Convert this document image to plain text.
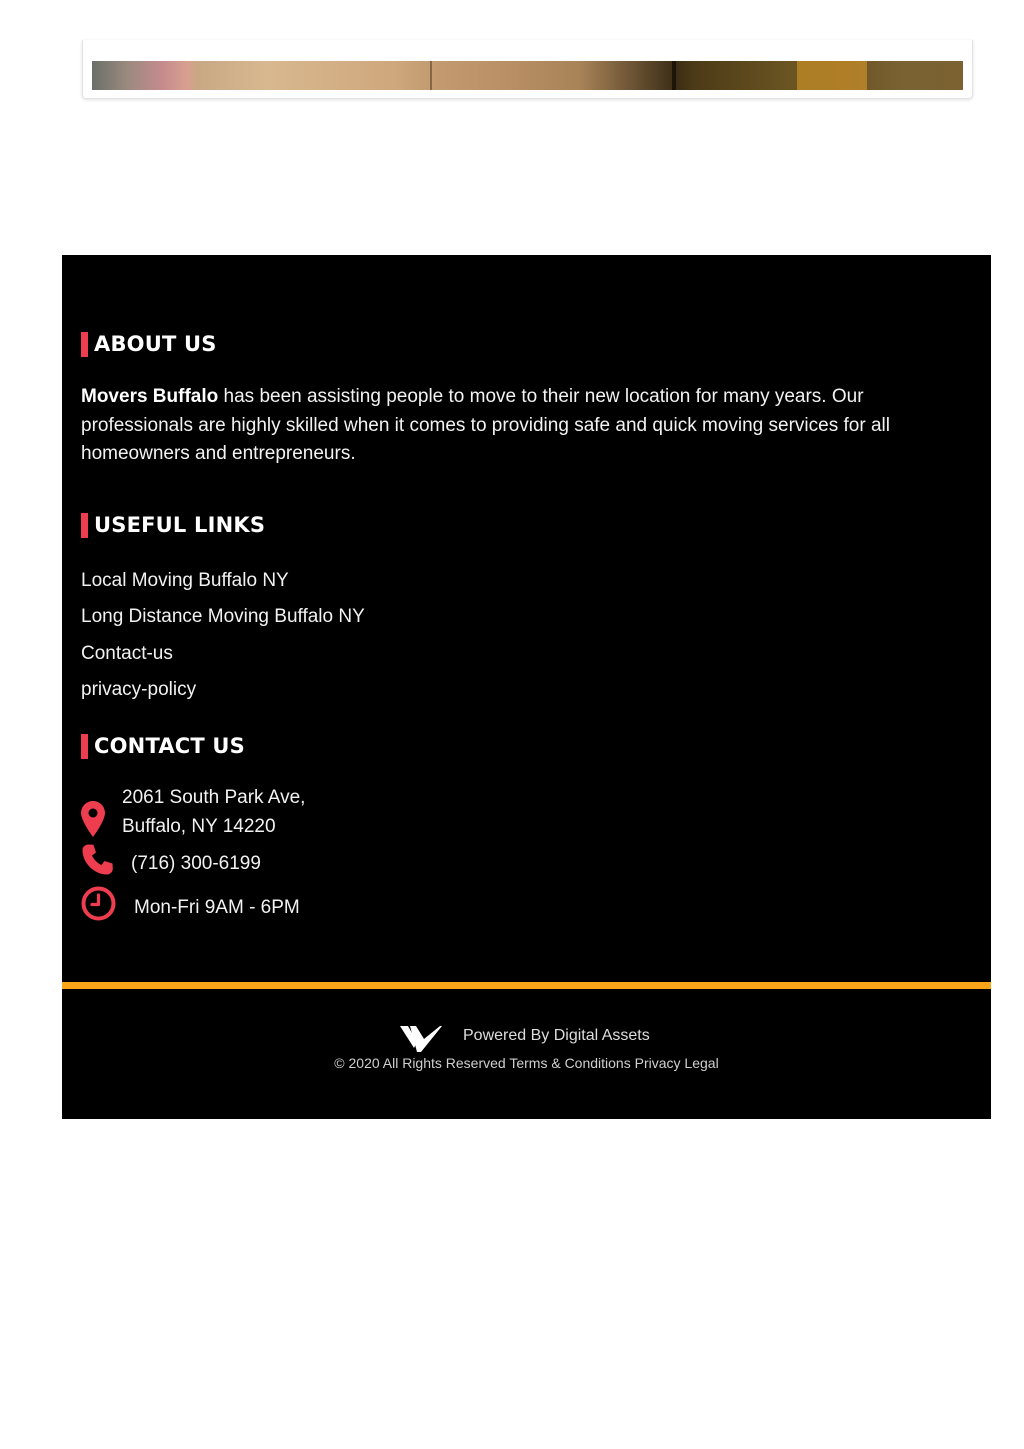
ABOUT US
Movers Buffalo has been assisting people to move to their new location for many years. Our professionals are highly skilled when it comes to providing safe and quick moving services for all homeowners and entrepreneurs.
USEFUL LINKS
Local Moving Buffalo NY
Long Distance Moving Buffalo NY
Contact-us
privacy-policy
CONTACT US
2061 South Park Ave,
Buffalo, NY 14220
(716) 300-6199
Mon-Fri 9AM - 6PM
Powered By Digital Assets
© 2020 All Rights Reserved Terms & Conditions Privacy Legal
